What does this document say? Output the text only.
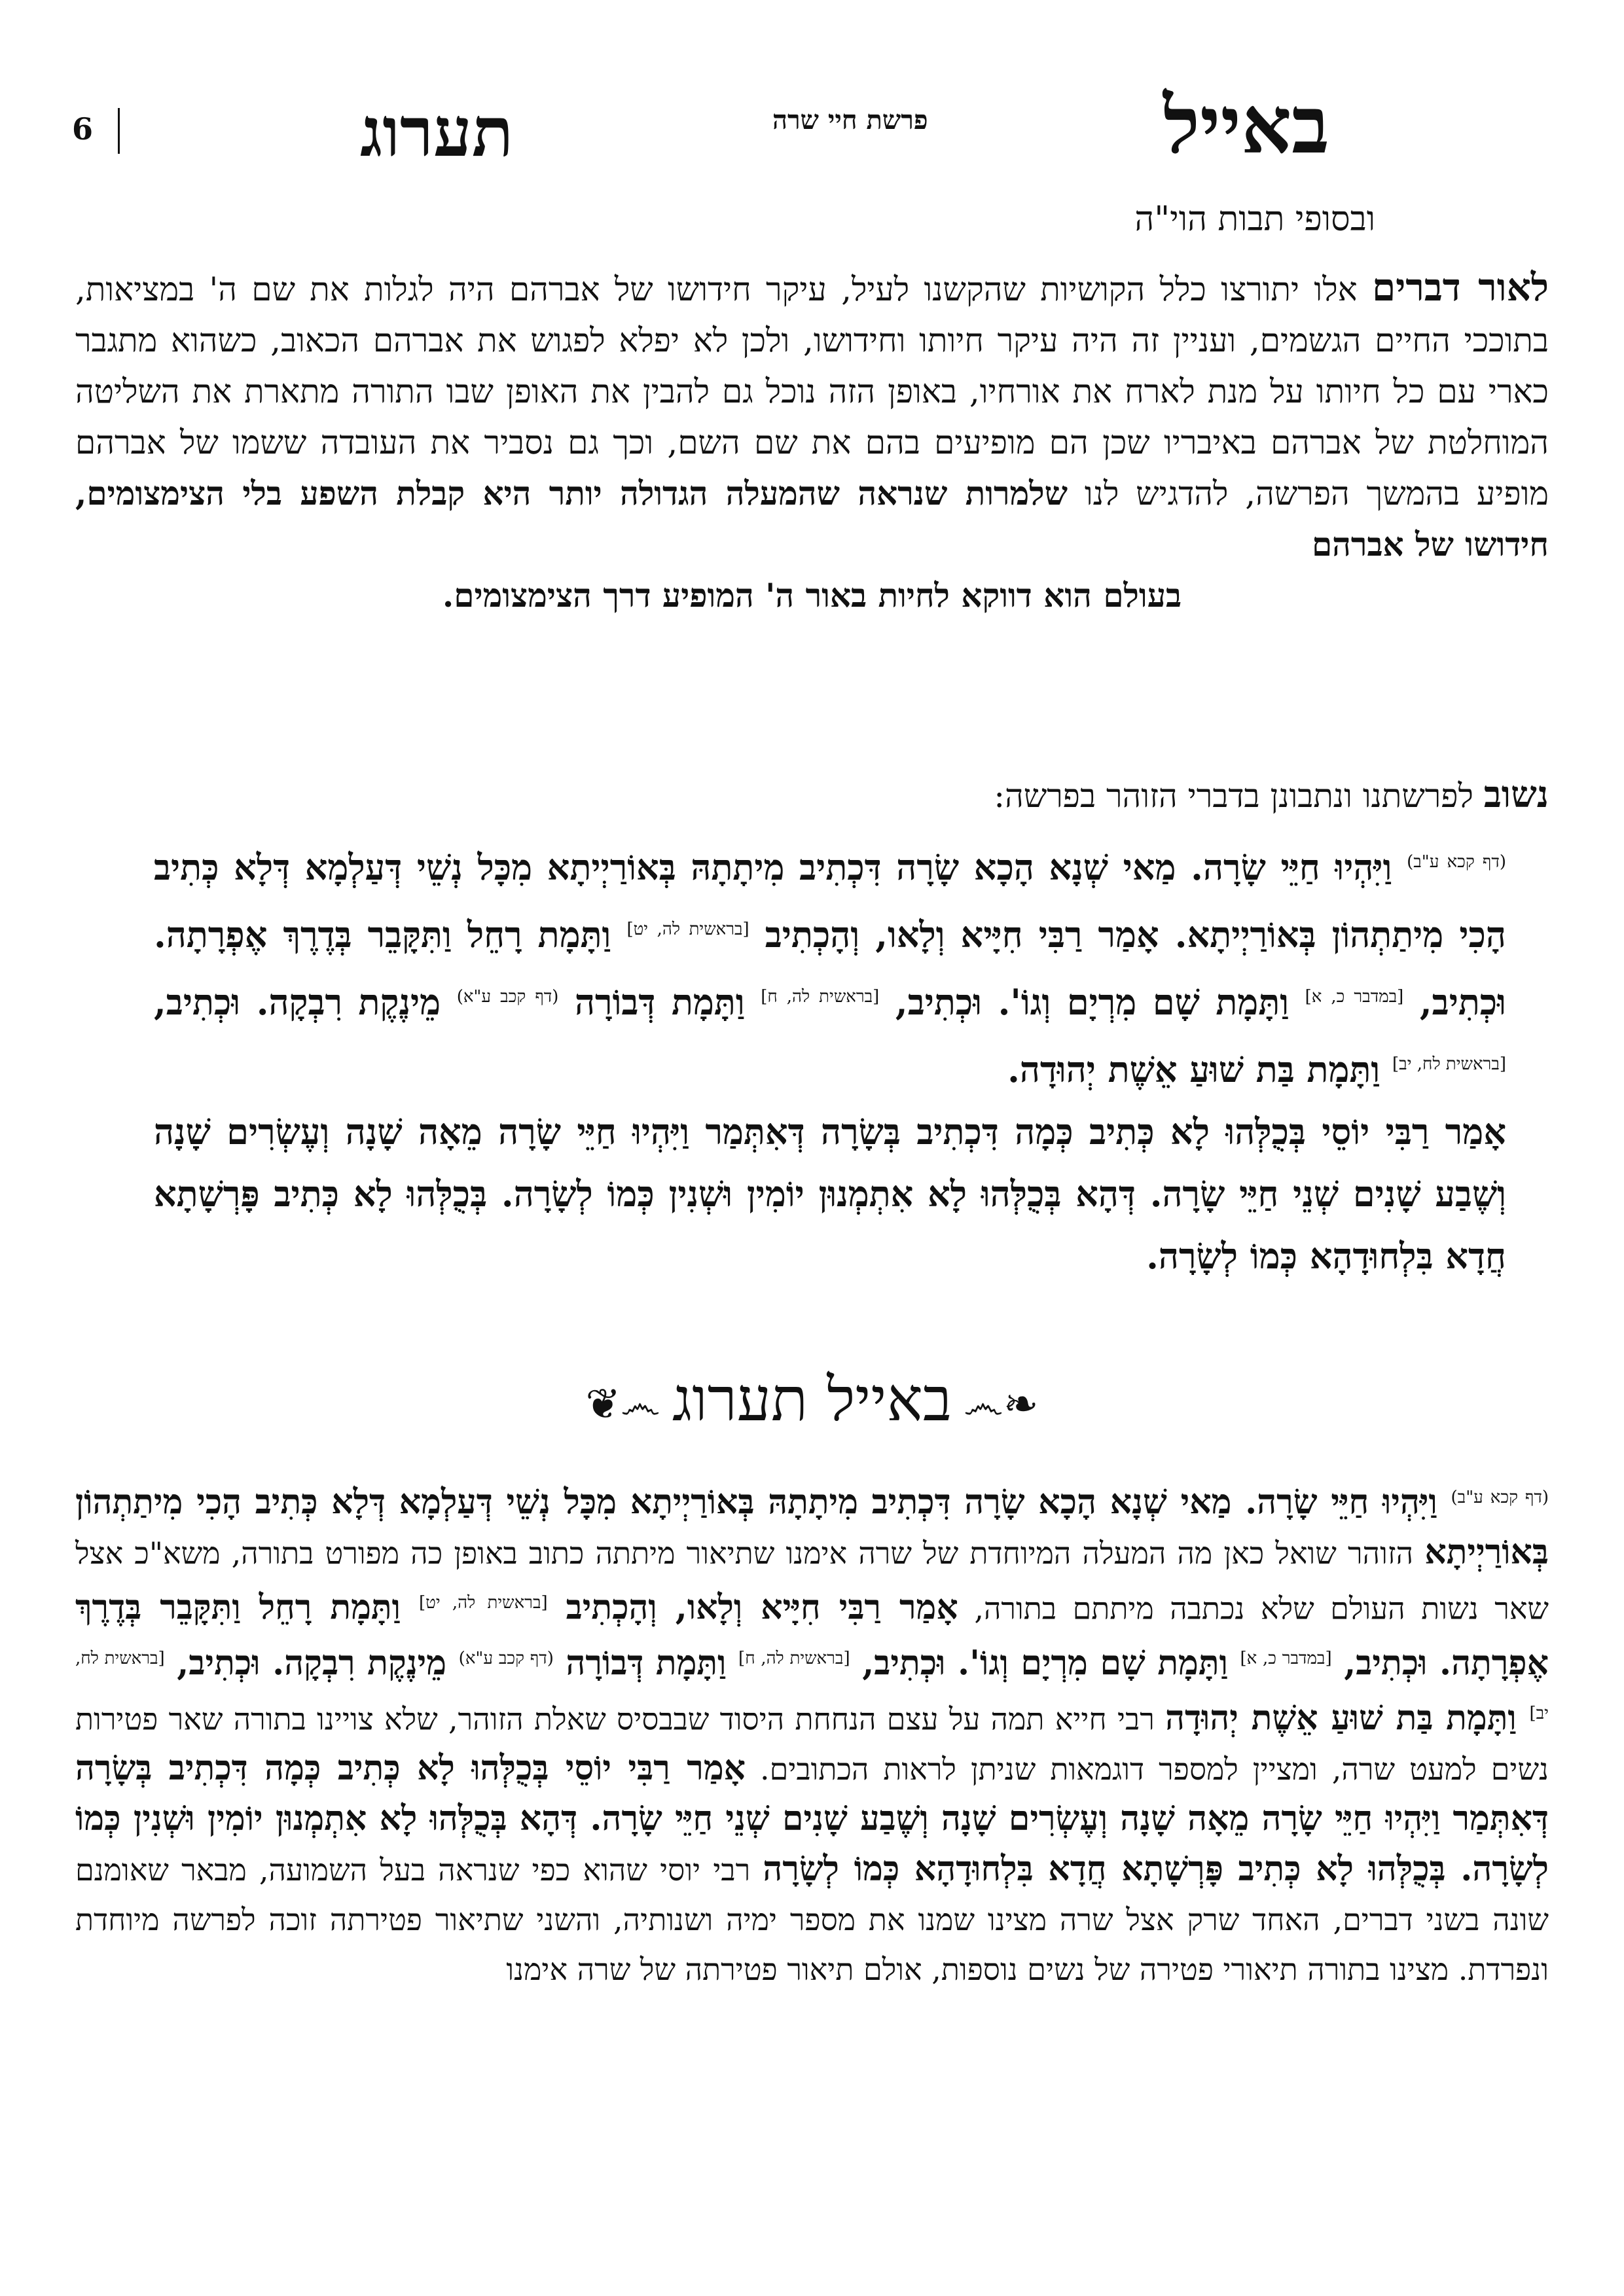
6	תערוג	פרשת חיי שרה	באייל
ובסופי תבות הוי"ה
לאור דברים אלו יתורצו כלל הקושיות שהקשנו לעיל, עיקר חידושו של אברהם היה לגלות את שם ה' במציאות, בתוככי החיים הגשמים, ועניין זה היה עיקר חיותו וחידושו, ולכן לא יפלא לפגוש את אברהם הכאוב, כשהוא מתגבר כארי עם כל חיותו על מנת לארח את אורחיו, באופן הזה נוכל גם להבין את האופן שבו התורה מתארת את השליטה המוחלטת של אברהם באיבריו שכן הם מופיעים בהם את שם השם, וכך גם נסביר את העובדה ששמו של אברהם מופיע בהמשך הפרשה, להדגיש לנו שלמרות שנראה שהמעלה הגדולה יותר היא קבלת השפע בלי הצימצומים, חידושו של אברהם
בעולם הוא דווקא לחיות באור ה' המופיע דרך הצימצומים.
נשוב לפרשתנו ונתבונן בדברי הזוהר בפרשה:
$^{(דף קכא ע"ב)}$ וַיִּהְיוּ חַיֵּי שָׂרָה. מַאי שְׁנָא הָכָא שָׂרָה דִּכְתִיב מִיתָתָהּ בְּאוֹרַיְיתָא מִכָּל נְשֵׁי דְּעַלְמָא דְּלָא כְּתִיב הָכִי מִיתַתְהוֹן בְּאוֹרַיְיתָא. אָמַר רַבִּי חִיָּיא וְלָאו, וְהָכְתִיב [בראשית לה, יט] וַתָּמָת רָחֵל וַתִּקָּבֵר בְּדֶרֶךְ אֶפְרָתָה. וּכְתִיב, [במדבר כ, א] וַתָּמָת שָׁם מִרְיָם וְגוֹ'. וּכְתִיב, [בראשית לה, ח] וַתָּמָת דְּבוֹרָה $^{(דף קכב ע"א)}$ מֵינֶקֶת רִבְקָה. וּכְתִיב, [בראשית לח, יב] וַתָּמָת בַּת שׁוּעַ אֵשֶׁת יְהוּדָה.
אָמַר רַבִּי יוֹסֵי בְּכֻלְּהוּ לָא כְּתִיב כְּמָה דִּכְתִיב בְּשָׂרָה דְּאִתְּמַר וַיִּהְיוּ חַיֵּי שָׂרָה מֵאָה שָׁנָה וְעֶשְׂרִים שָׁנָה וְשֶׁבַע שָׁנִים שְׁנֵי חַיֵּי שָׂרָה. דְּהָא בְּכֻלְּהוּ לָא אִתְמְנוּן יוֹמִין וּשְׁנִין כְּמוֹ לְשָׂרָה. בְּכֻלְּהוּ לָא כְּתִיב פָּרְשָׁתָא חֲדָא בִּלְחוּדָהָא כְּמוֹ לְשָׂרָה.
❧෴באייל תערוג෴❦
$^{(דף קכא ע"ב)}$ וַיִּהְיוּ חַיֵּי שָׂרָה. מַאי שְׁנָא הָכָא שָׂרָה דִּכְתִיב מִיתָתָהּ בְּאוֹרַיְיתָא מִכָּל נְשֵׁי דְּעַלְמָא דְּלָא כְּתִיב הָכִי מִיתַתְהוֹן בְּאוֹרַיְיתָא הזוהר שואל כאן מה המעלה המיוחדת של שרה אימנו שתיאור מיתתה כתוב באופן כה מפורט בתורה, משא"כ אצל שאר נשות העולם שלא נכתבה מיתתם בתורה, אָמַר רַבִּי חִיָּיא וְלָאו, וְהָכְתִיב [בראשית לה, יט] וַתָּמָת רָחֵל וַתִּקָּבֵר בְּדֶרֶךְ אֶפְרָתָה. וּכְתִיב, [במדבר כ, א] וַתָּמָת שָׁם מִרְיָם וְגוֹ'. וּכְתִיב, [בראשית לה, ח] וַתָּמָת דְּבוֹרָה $^{(דף קכב ע"א)}$ מֵינֶקֶת רִבְקָה. וּכְתִיב, [בראשית לח, יב] וַתָּמָת בַּת שׁוּעַ אֵשֶׁת יְהוּדָה רבי חייא תמה על עצם הנחחת היסוד שבבסיס שאלת הזוהר, שלא צויינו בתורה שאר פטירות נשים למעט שרה, ומציין למספר דוגמאות שניתן לראות הכתובים. אָמַר רַבִּי יוֹסֵי בְּכֻלְּהוּ לָא כְּתִיב כְּמָה דִּכְתִיב בְּשָׂרָה דְּאִתְּמַר וַיִּהְיוּ חַיֵּי שָׂרָה מֵאָה שָׁנָה וְעֶשְׂרִים שָׁנָה וְשֶׁבַע שָׁנִים שְׁנֵי חַיֵּי שָׂרָה. דְּהָא בְּכֻלְּהוּ לָא אִתְמְנוּן יוֹמִין וּשְׁנִין כְּמוֹ לְשָׂרָה. בְּכֻלְּהוּ לָא כְּתִיב פָּרְשָׁתָא חֲדָא בִּלְחוּדָהָא כְּמוֹ לְשָׂרָה רבי יוסי שהוא כפי שנראה בעל השמועה, מבאר שאומנם שונה בשני דברים, האחד שרק אצל שרה מצינו שמנו את מספר ימיה ושנותיה, והשני שתיאור פטירתה זוכה לפרשה מיוחדת ונפרדת. מצינו בתורה תיאורי פטירה של נשים נוספות, אולם תיאור פטירתה של שרה אימנו
